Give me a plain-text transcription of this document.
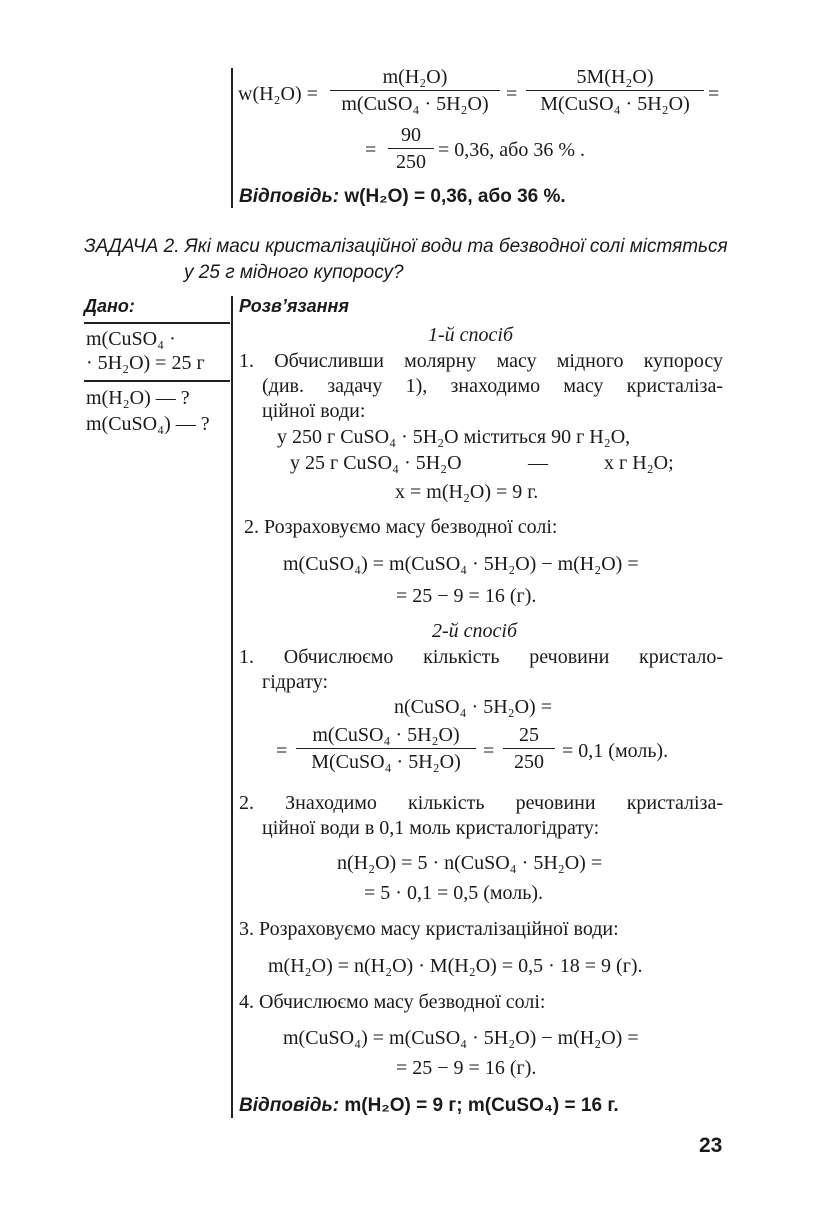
w(H₂O) =
m(H₂O)
m(CuSO₄ · 5H₂O) =
5M(H₂O)
M(CuSO₄ · 5H₂O) =
= $\frac{90}{250} = 0,36$, або 36 % .
Відповідь: w(H₂O) = 0,36, або 36 %.
ЗАДАЧА 2. Які маси кристалізаційної води та безводної солі містяться
у 25 г мідного купоросу?
Дано:	Розв’язання
m(CuSO₄ ·
· 5H₂O) = 25 г
m(H₂O) — ?
m(CuSO₄) — ?
1-й спосіб
1. Обчисливши молярну масу мідного купоросу
(див. задачу 1), знаходимо масу кристаліза-
ційної води:
у 250 г CuSO₄ · 5H₂O міститься 90 г H₂O,
у 25 г CuSO₄ · 5H₂O	—	x г H₂O;
x = m(H₂O) = 9 г.
2. Розраховуємо масу безводної солі:
m(CuSO₄) = m(CuSO₄ · 5H₂O) − m(H₂O) =
= 25 − 9 = 16 (г).
2-й спосіб
1. Обчислюємо кількість речовини кристало-
гідрату:
n(CuSO₄ · 5H₂O) =
=
m(CuSO₄ · 5H₂O)
M(CuSO₄ · 5H₂O)	= $\frac{25}{250} = 0,1$ (моль).
2. Знаходимо кількість речовини кристаліза-
ційної води в 0,1 моль кристалогідрату:
n(H₂O) = 5 · n(CuSO₄ · 5H₂O) =
= 5 · 0,1 = 0,5 (моль).
3. Розраховуємо масу кристалізаційної води:
m(H₂O) = n(H₂O) · M(H₂O) = 0,5 · 18 = 9 (г).
4. Обчислюємо масу безводної солі:
m(CuSO₄) = m(CuSO₄ · 5H₂O) − m(H₂O) =
= 25 − 9 = 16 (г).
Відповідь: m(H₂O) = 9 г; m(CuSO₄) = 16 г.
23
